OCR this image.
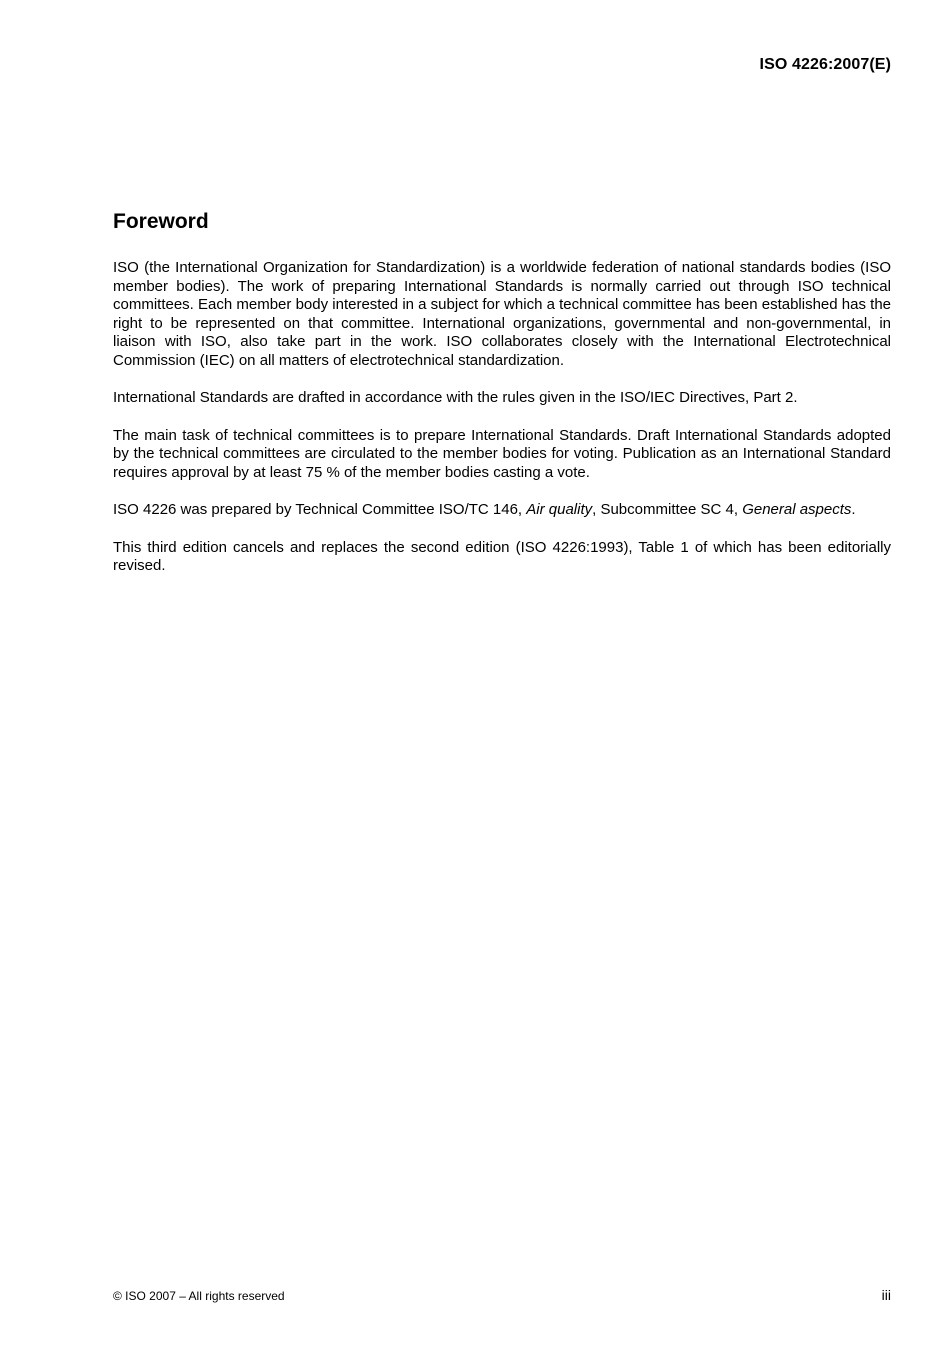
ISO 4226:2007(E)
Foreword

ISO (the International Organization for Standardization) is a worldwide federation of national standards bodies (ISO member bodies). The work of preparing International Standards is normally carried out through ISO technical committees. Each member body interested in a subject for which a technical committee has been established has the right to be represented on that committee. International organizations, governmental and non-governmental, in liaison with ISO, also take part in the work. ISO collaborates closely with the International Electrotechnical Commission (IEC) on all matters of electrotechnical standardization.

International Standards are drafted in accordance with the rules given in the ISO/IEC Directives, Part 2.

The main task of technical committees is to prepare International Standards. Draft International Standards adopted by the technical committees are circulated to the member bodies for voting. Publication as an International Standard requires approval by at least 75 % of the member bodies casting a vote.

ISO 4226 was prepared by Technical Committee ISO/TC 146, Air quality, Subcommittee SC 4, General aspects.

This third edition cancels and replaces the second edition (ISO 4226:1993), Table 1 of which has been editorially revised.

© ISO 2007 – All rights reserved	iii
